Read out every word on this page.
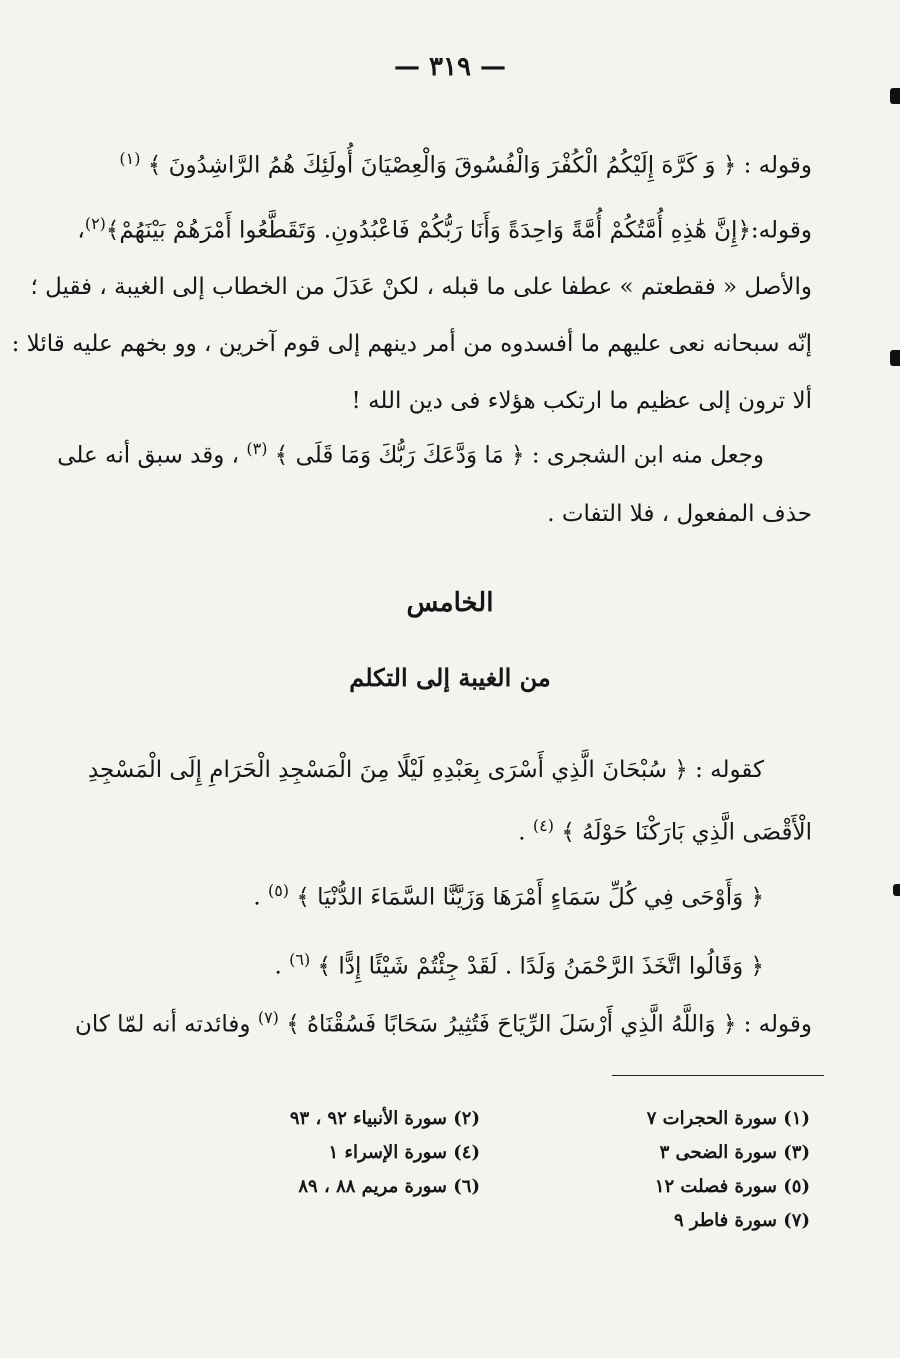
— ٣١٩ —
وقوله : ﴿ وَ كَرَّهَ إِلَيْكُمُ الْكُفْرَ وَالْفُسُوقَ وَالْعِصْيَانَ أُولَئِكَ هُمُ الرَّاشِدُونَ ﴾ $^{(١)}$
وقوله:﴿إِنَّ هَٰذِهِ أُمَّتُكُمْ أُمَّةً وَاحِدَةً وَأَنَا رَبُّكُمْ فَاعْبُدُونِ. وَتَقَطَّعُوا أَمْرَهُمْ بَيْنَهُمْ﴾$^{(٢)}$،
والأصل « فقطعتم » عطفا على ما قبله ، لكنْ عَدَلَ من الخطاب إلى الغيبة ، فقيل ؛
إنّه سبحانه نعى عليهم ما أفسدوه من أمر دينهم إلى قوم آخرين ، وو بخهم عليه قائلا :
ألا ترون إلى عظيم ما ارتكب هؤلاء فى دين الله !
وجعل منه ابن الشجرى : ﴿ مَا وَدَّعَكَ رَبُّكَ وَمَا قَلَى ﴾ $^{(٣)}$ ، وقد سبق أنه على
حذف المفعول ، فلا التفات .
الخامس
من الغيبة إلى التكلم
كقوله : ﴿ سُبْحَانَ الَّذِي أَسْرَى بِعَبْدِهِ لَيْلًا مِنَ الْمَسْجِدِ الْحَرَامِ إِلَى الْمَسْجِدِ
الْأَقْصَى الَّذِي بَارَكْنَا حَوْلَهُ ﴾ $^{(٤)}$ .
﴿ وَأَوْحَى فِي كُلِّ سَمَاءٍ أَمْرَهَا وَزَيَّنَّا السَّمَاءَ الدُّنْيَا ﴾ $^{(٥)}$ .
﴿ وَقَالُوا اتَّخَذَ الرَّحْمَنُ وَلَدًا . لَقَدْ جِئْتُمْ شَيْئًا إِدًّا ﴾ $^{(٦)}$ .
وقوله : ﴿ وَاللَّهُ الَّذِي أَرْسَلَ الرِّيَاحَ فَتُثِيرُ سَحَابًا فَسُقْنَاهُ ﴾ $^{(٧)}$ وفائدته أنه لمّا كان
(١) سورة الحجرات ٧
(٢) سورة الأنبياء ٩٢ ، ٩٣
(٣) سورة الضحى ٣
(٤) سورة الإسراء ١
(٥) سورة فصلت ١٢
(٦) سورة مريم ٨٨ ، ٨٩
(٧) سورة فاطر ٩
